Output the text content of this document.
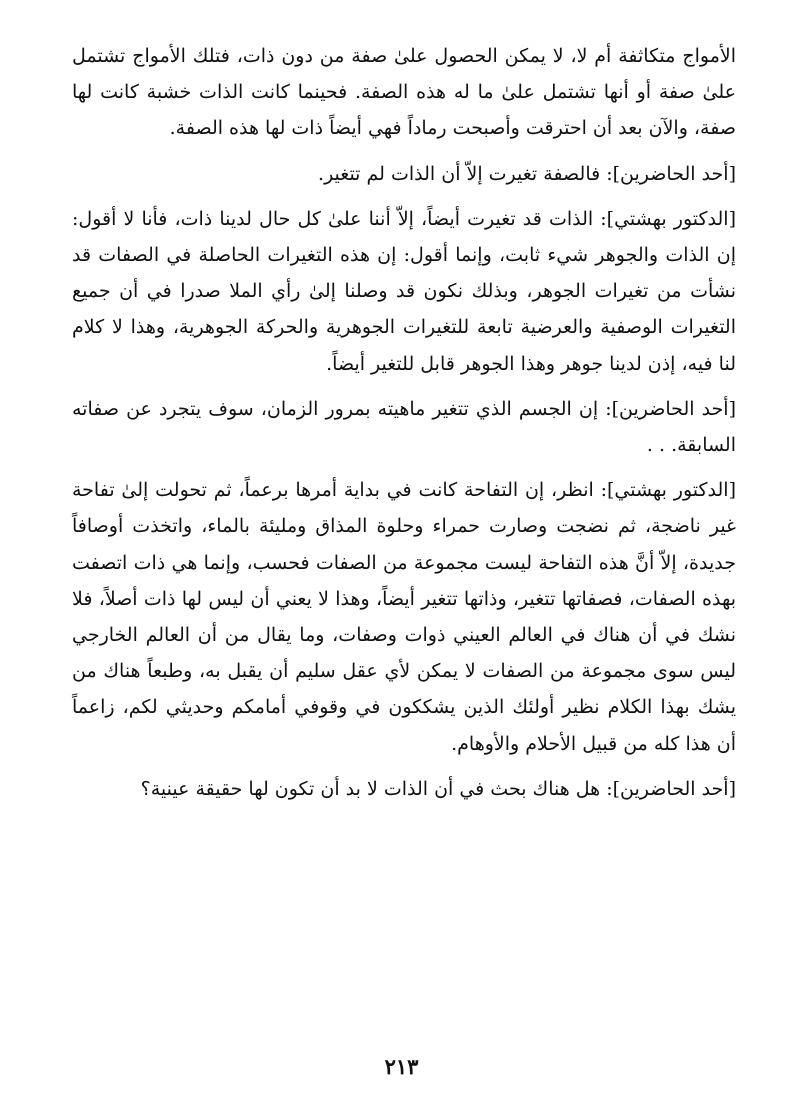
الأمواج متكاثفة أم لا، لا يمكن الحصول علىٰ صفة من دون ذات، فتلك الأمواج تشتمل علىٰ صفة أو أنها تشتمل علىٰ ما له هذه الصفة. فحينما كانت الذات خشبة كانت لها صفة، والآن بعد أن احترقت وأصبحت رماداً فهي أيضاً ذات لها هذه الصفة.

[أحد الحاضرين]: فالصفة تغيرت إلاّ أن الذات لم تتغير.

[الدكتور بهشتي]: الذات قد تغيرت أيضاً، إلاّ أننا علىٰ كل حال لدينا ذات، فأنا لا أقول: إن الذات والجوهر شيء ثابت، وإنما أقول: إن هذه التغيرات الحاصلة في الصفات قد نشأت من تغيرات الجوهر، وبذلك نكون قد وصلنا إلىٰ رأي الملا صدرا في أن جميع التغيرات الوصفية والعرضية تابعة للتغيرات الجوهرية والحركة الجوهرية، وهذا لا كلام لنا فيه، إذن لدينا جوهر وهذا الجوهر قابل للتغير أيضاً.

[أحد الحاضرين]: إن الجسم الذي تتغير ماهيته بمرور الزمان، سوف يتجرد عن صفاته السابقة. . .

[الدكتور بهشتي]: انظر، إن التفاحة كانت في بداية أمرها برعماً، ثم تحولت إلىٰ تفاحة غير ناضجة، ثم نضجت وصارت حمراء وحلوة المذاق ومليئة بالماء، واتخذت أوصافاً جديدة، إلاّ أنَّ هذه التفاحة ليست مجموعة من الصفات فحسب، وإنما هي ذات اتصفت بهذه الصفات، فصفاتها تتغير، وذاتها تتغير أيضاً، وهذا لا يعني أن ليس لها ذات أصلاً، فلا نشك في أن هناك في العالم العيني ذوات وصفات، وما يقال من أن العالم الخارجي ليس سوى مجموعة من الصفات لا يمكن لأي عقل سليم أن يقبل به، وطبعاً هناك من يشك بهذا الكلام نظير أولئك الذين يشككون في وقوفي أمامكم وحديثي لكم، زاعماً أن هذا كله من قبيل الأحلام والأوهام.

[أحد الحاضرين]: هل هناك بحث في أن الذات لا بد أن تكون لها حقيقة عينية؟

٢١٣
